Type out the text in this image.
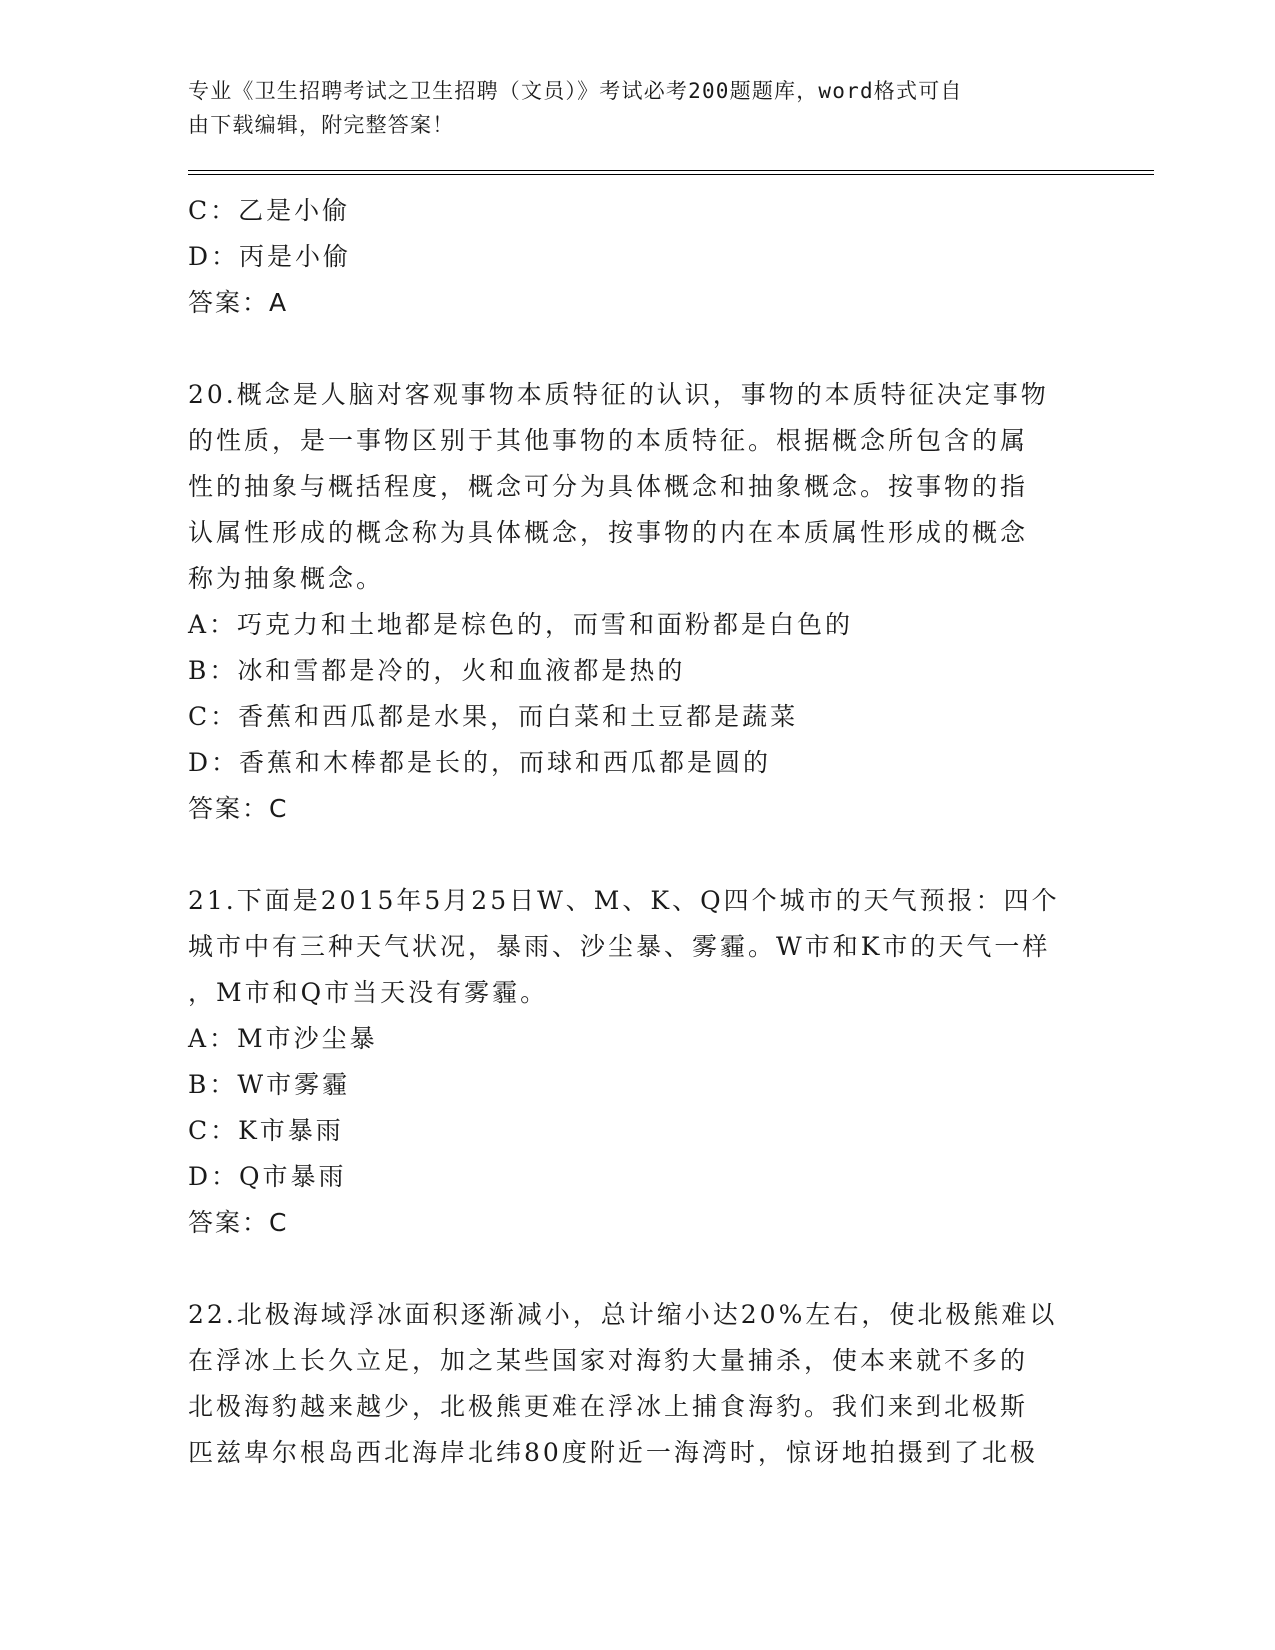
专业《卫生招聘考试之卫生招聘（文员）》考试必考200题题库，word格式可自
由下载编辑，附完整答案！
C：乙是小偷
D：丙是小偷
答案：A
20.概念是人脑对客观事物本质特征的认识，事物的本质特征决定事物
的性质，是一事物区别于其他事物的本质特征。根据概念所包含的属
性的抽象与概括程度，概念可分为具体概念和抽象概念。按事物的指
认属性形成的概念称为具体概念，按事物的内在本质属性形成的概念
称为抽象概念。
A：巧克力和土地都是棕色的，而雪和面粉都是白色的
B：冰和雪都是冷的，火和血液都是热的
C：香蕉和西瓜都是水果，而白菜和土豆都是蔬菜
D：香蕉和木棒都是长的，而球和西瓜都是圆的
答案：C
21.下面是2015年5月25日W、M、K、Q四个城市的天气预报：四个
城市中有三种天气状况，暴雨、沙尘暴、雾霾。W市和K市的天气一样
，M市和Q市当天没有雾霾。
A：M市沙尘暴
B：W市雾霾
C：K市暴雨
D：Q市暴雨
答案：C
22.北极海域浮冰面积逐渐减小，总计缩小达20%左右，使北极熊难以
在浮冰上长久立足，加之某些国家对海豹大量捕杀，使本来就不多的
北极海豹越来越少，北极熊更难在浮冰上捕食海豹。我们来到北极斯
匹兹卑尔根岛西北海岸北纬80度附近一海湾时，惊讶地拍摄到了北极
